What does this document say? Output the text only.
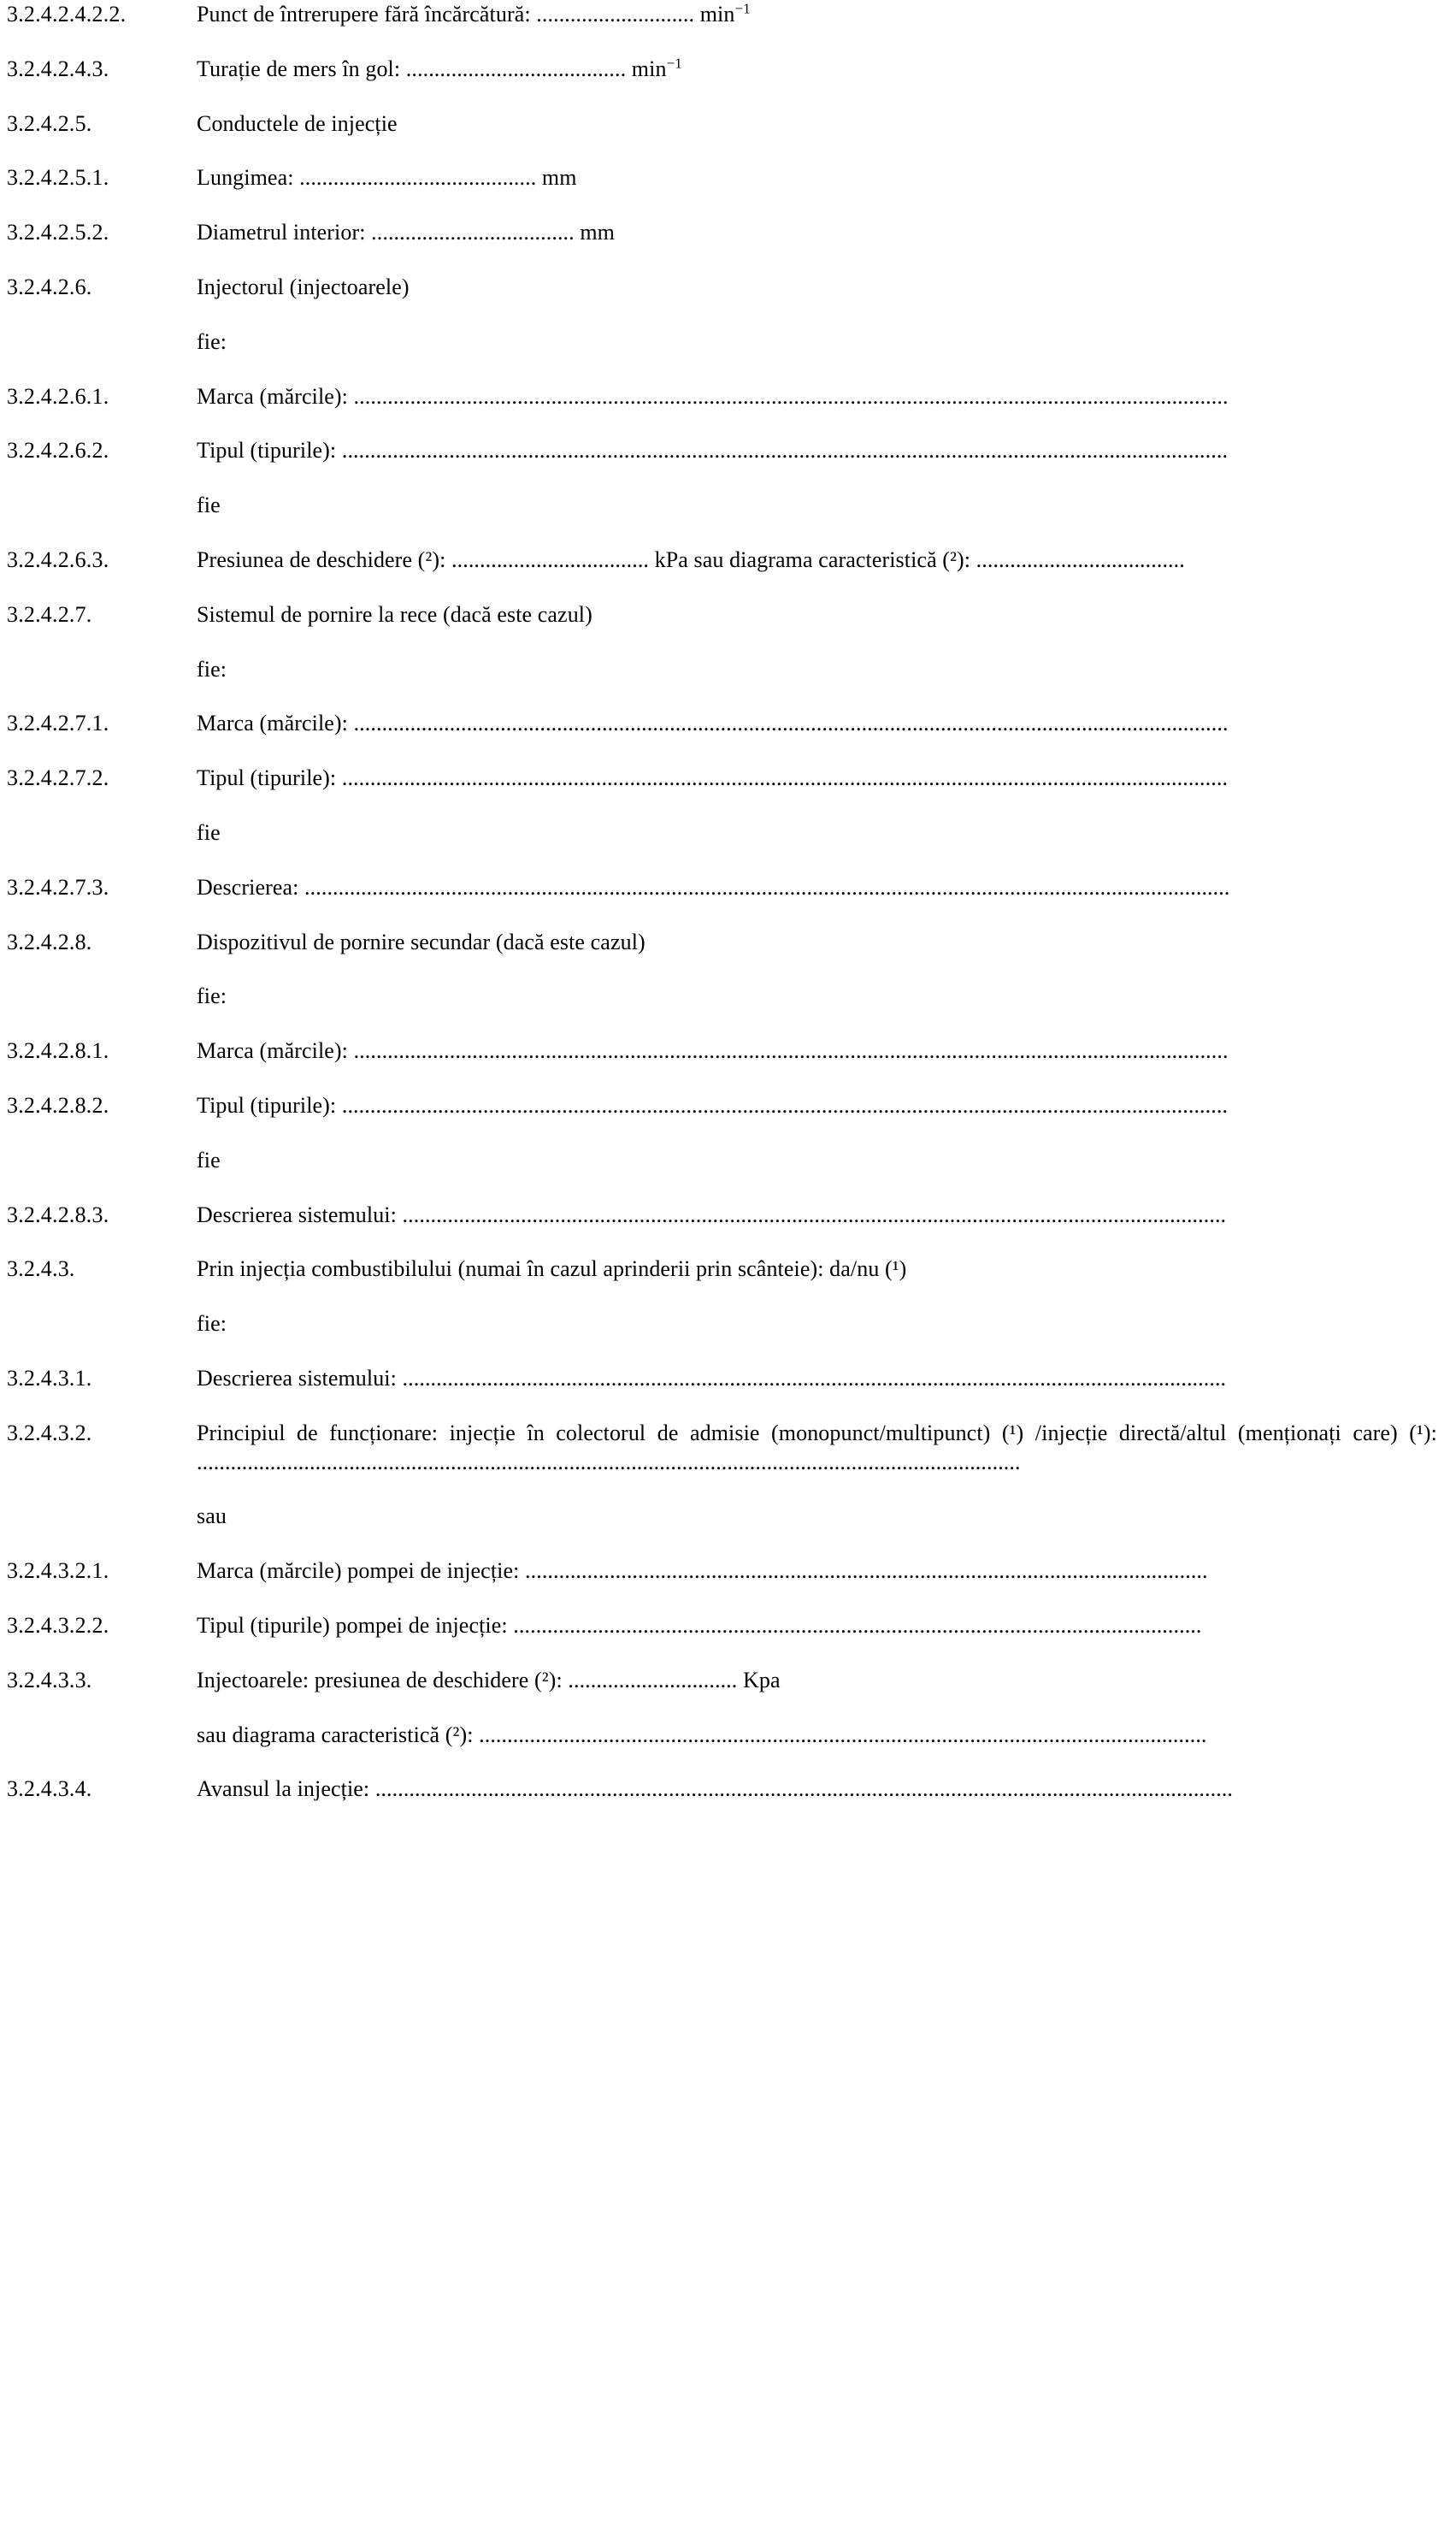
3.2.4.2.4.2.2.	Punct de întrerupere fără încărcătură: ............................ $\min^{-1}$
3.2.4.2.4.3.	Turație de mers în gol: ....................................... $\min^{-1}$
3.2.4.2.5.	Conductele de injecție
3.2.4.2.5.1.	Lungimea: .......................................... mm
3.2.4.2.5.2.	Diametrul interior: .................................... mm
3.2.4.2.6.	Injectorul (injectoarele)
fie:
3.2.4.2.6.1.	Marca (mărcile): ...........................................................................................................................................................
3.2.4.2.6.2.	Tipul (tipurile): .............................................................................................................................................................
fie
3.2.4.2.6.3.	Presiunea de deschidere (²): ................................... kPa sau diagrama caracteristică (²): .....................................
3.2.4.2.7.	Sistemul de pornire la rece (dacă este cazul)
fie:
3.2.4.2.7.1.	Marca (mărcile): ...........................................................................................................................................................
3.2.4.2.7.2.	Tipul (tipurile): .............................................................................................................................................................
fie
3.2.4.2.7.3.	Descrierea: ....................................................................................................................................................................
3.2.4.2.8.	Dispozitivul de pornire secundar (dacă este cazul)
fie:
3.2.4.2.8.1.	Marca (mărcile): ...........................................................................................................................................................
3.2.4.2.8.2.	Tipul (tipurile): .............................................................................................................................................................
fie
3.2.4.2.8.3.	Descrierea sistemului: ..................................................................................................................................................
3.2.4.3.	Prin injecția combustibilului (numai în cazul aprinderii prin scânteie): da/nu (¹)
fie:
3.2.4.3.1.	Descrierea sistemului: ..................................................................................................................................................
3.2.4.3.2.	Principiul de funcționare: injecție în colectorul de admisie (monopunct/multipunct) (¹) /injecție directă/altul (menționați care) (¹): ..................................................................................................................................................
sau
3.2.4.3.2.1.	Marca (mărcile) pompei de injecție: .........................................................................................................................
3.2.4.3.2.2.	Tipul (tipurile) pompei de injecție: ..........................................................................................................................
3.2.4.3.3.	Injectoarele: presiunea de deschidere (²): .............................. Kpa
sau diagrama caracteristică (²): .................................................................................................................................
3.2.4.3.4.	Avansul la injecție: ........................................................................................................................................................
